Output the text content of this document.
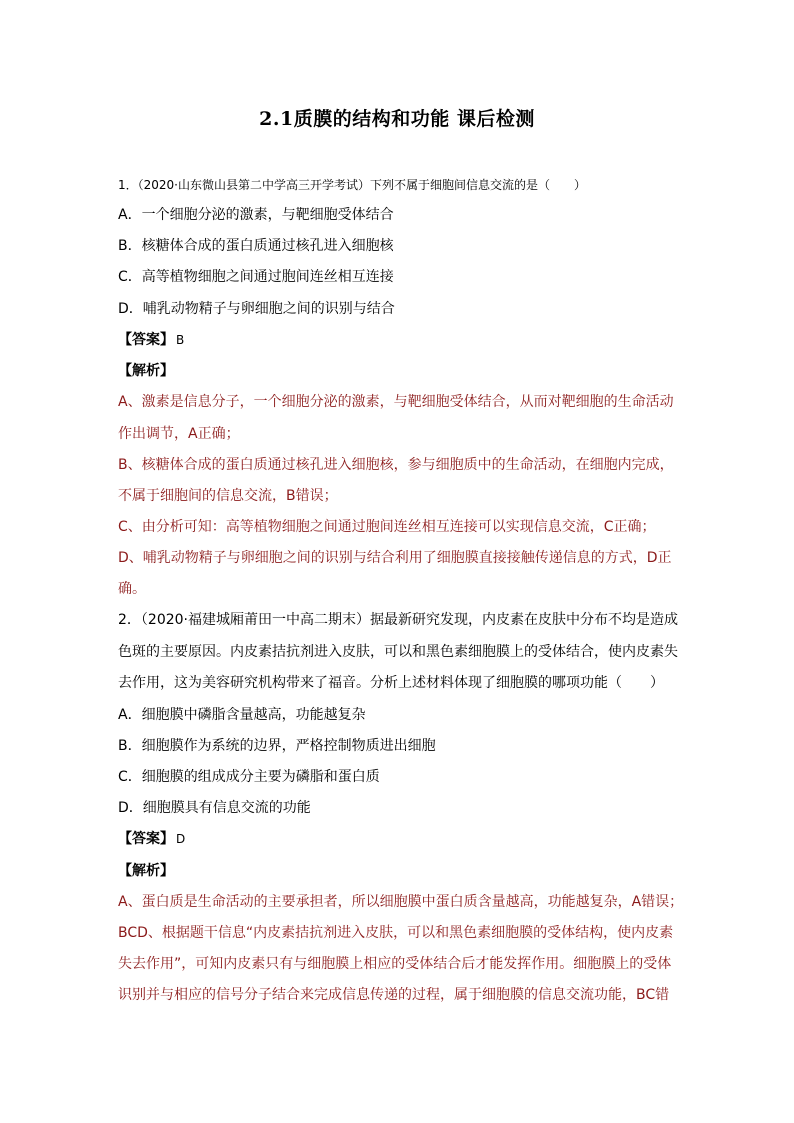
2.1质膜的结构和功能 课后检测
1．（2020·山东微山县第二中学高三开学考试）下列不属于细胞间信息交流的是（　　）
A．一个细胞分泌的激素，与靶细胞受体结合
B．核糖体合成的蛋白质通过核孔进入细胞核
C．高等植物细胞之间通过胞间连丝相互连接
D．哺乳动物精子与卵细胞之间的识别与结合
【答案】 B
【解析】
A、激素是信息分子，一个细胞分泌的激素，与靶细胞受体结合，从而对靶细胞的生命活动
作出调节，A正确；
B、核糖体合成的蛋白质通过核孔进入细胞核，参与细胞质中的生命活动，在细胞内完成，
不属于细胞间的信息交流，B错误；
C、由分析可知：高等植物细胞之间通过胞间连丝相互连接可以实现信息交流，C正确；
D、哺乳动物精子与卵细胞之间的识别与结合利用了细胞膜直接接触传递信息的方式，D正
确。
2．（2020·福建城厢莆田一中高二期末）据最新研究发现，内皮素在皮肤中分布不均是造成
色斑的主要原因。内皮素拮抗剂进入皮肤，可以和黑色素细胞膜上的受体结合，使内皮素失
去作用，这为美容研究机构带来了福音。分析上述材料体现了细胞膜的哪项功能（　　）
A．细胞膜中磷脂含量越高，功能越复杂
B．细胞膜作为系统的边界，严格控制物质进出细胞
C．细胞膜的组成成分主要为磷脂和蛋白质
D．细胞膜具有信息交流的功能
【答案】 D
【解析】
A、蛋白质是生命活动的主要承担者，所以细胞膜中蛋白质含量越高，功能越复杂，A错误；
BCD、根据题干信息“内皮素拮抗剂进入皮肤，可以和黑色素细胞膜的受体结构，使内皮素
失去作用”，可知内皮素只有与细胞膜上相应的受体结合后才能发挥作用。细胞膜上的受体
识别并与相应的信号分子结合来完成信息传递的过程，属于细胞膜的信息交流功能，BC错
